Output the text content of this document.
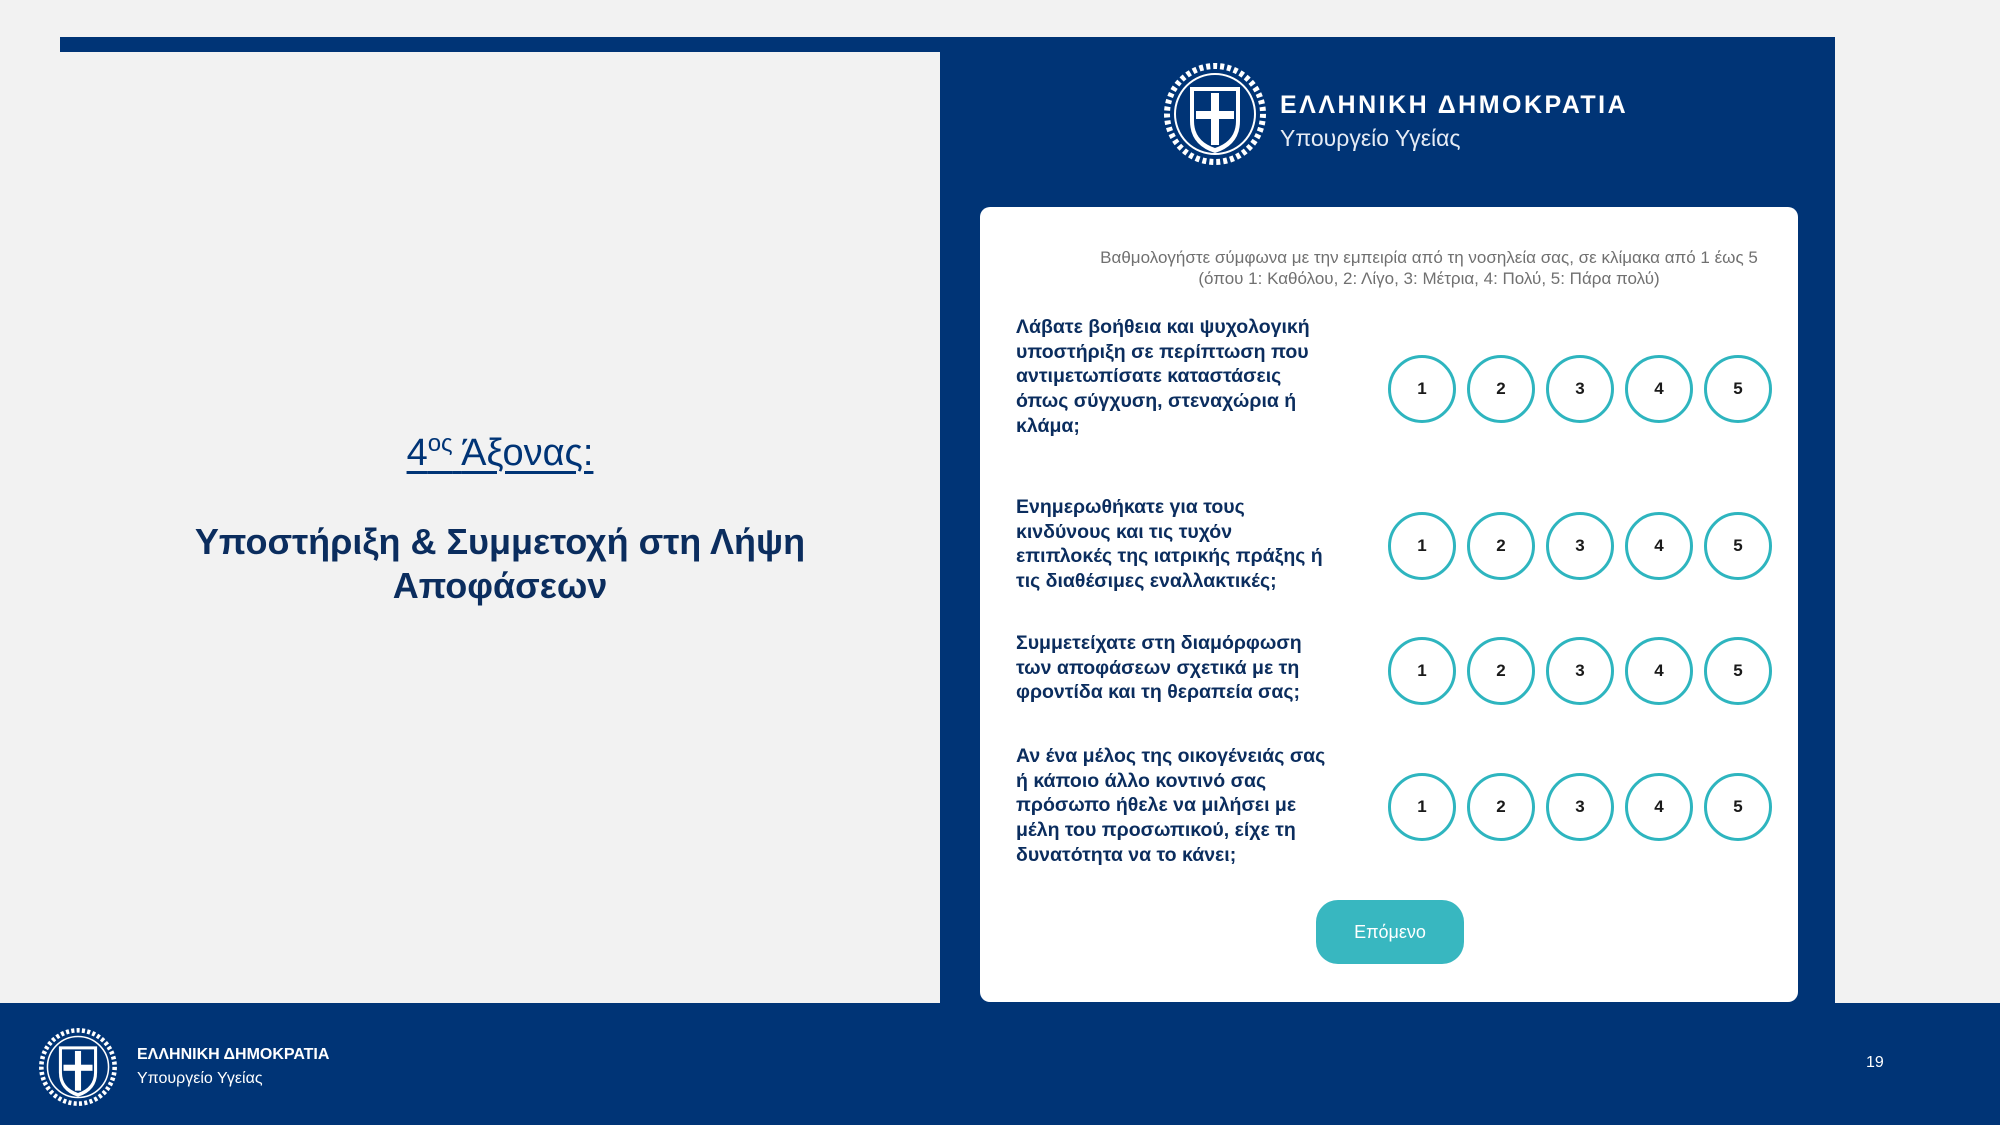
$4^{o\varsigma}$ Άξονας:
Υποστήριξη & Συμμετοχή στη Λήψη Αποφάσεων
ΕΛΛΗΝΙΚΗ ΔΗΜΟΚΡΑΤΙΑ
Υπουργείο Υγείας
Βαθμολογήστε σύμφωνα με την εμπειρία από τη νοσηλεία σας, σε κλίμακα από 1 έως 5
(όπου 1: Καθόλου, 2: Λίγο, 3: Μέτρια, 4: Πολύ, 5: Πάρα πολύ)
Λάβατε βοήθεια και ψυχολογική υποστήριξη σε περίπτωση που αντιμετωπίσατε καταστάσεις όπως σύγχυση, στεναχώρια ή κλάμα;
1	2	3	4	5
Ενημερωθήκατε για τους κινδύνους και τις τυχόν επιπλοκές της ιατρικής πράξης ή τις διαθέσιμες εναλλακτικές;
1	2	3	4	5
Συμμετείχατε στη διαμόρφωση των αποφάσεων σχετικά με τη φροντίδα και τη θεραπεία σας;
1	2	3	4	5
Αν ένα μέλος της οικογένειάς σας ή κάποιο άλλο κοντινό σας πρόσωπο ήθελε να μιλήσει με μέλη του προσωπικού, είχε τη δυνατότητα να το κάνει;
1	2	3	4	5
Επόμενο
ΕΛΛΗΝΙΚΗ ΔΗΜΟΚΡΑΤΙΑ
Υπουργείο Υγείας
19
